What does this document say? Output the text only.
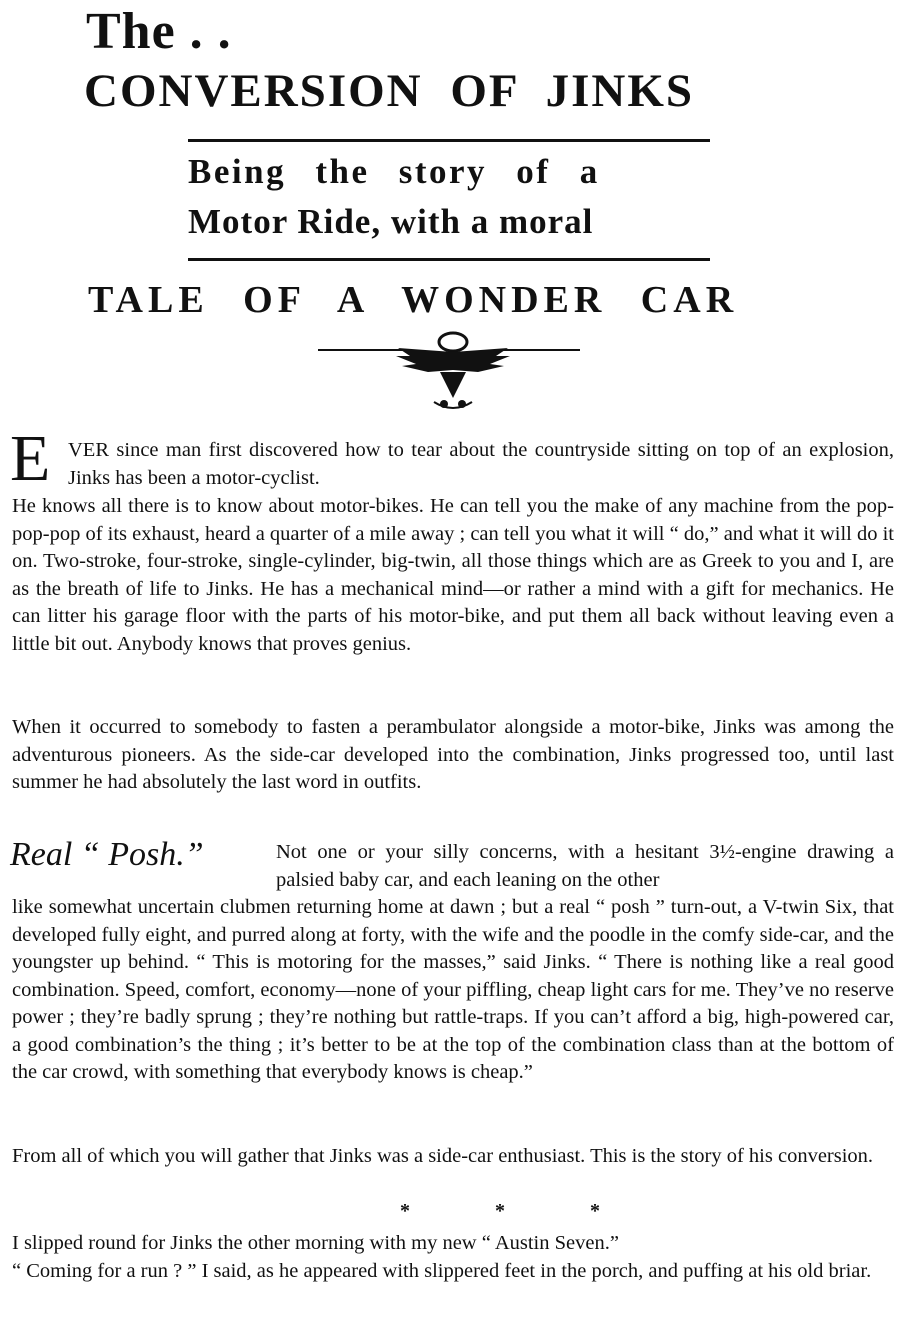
The . .
CONVERSION OF JINKS
Being the story of a
Motor Ride, with a moral
TALE OF A WONDER CAR
E VER since man first discovered how to tear about the countryside sitting on top of an explosion, Jinks has been a motor-cyclist.
He knows all there is to know about motor-bikes. He can tell you the make of any machine from the pop-pop-pop of its exhaust, heard a quarter of a mile away ; can tell you what it will “ do,” and what it will do it on. Two-stroke, four-stroke, single-cylinder, big-twin, all those things which are as Greek to you and I, are as the breath of life to Jinks. He has a mechanical mind—or rather a mind with a gift for mechanics. He can litter his garage floor with the parts of his motor-bike, and put them all back without leaving even a little bit out. Anybody knows that proves genius.
When it occurred to somebody to fasten a perambulator alongside a motor-bike, Jinks was among the adventurous pioneers. As the side-car developed into the combination, Jinks progressed too, until last summer he had absolutely the last word in outfits.
Real “ Posh.”	Not one or your silly concerns, with a hesitant 3½-engine drawing a palsied baby car, and each leaning on the other
like somewhat uncertain clubmen returning home at dawn ; but a real “ posh ” turn-out, a V-twin Six, that developed fully eight, and purred along at forty, with the wife and the poodle in the comfy side-car, and the youngster up behind. “ This is motoring for the masses,” said Jinks. “ There is nothing like a real good combination. Speed, comfort, economy—none of your piffling, cheap light cars for me. They’ve no reserve power ; they’re badly sprung ; they’re nothing but rattle-traps. If you can’t afford a big, high-powered car, a good combination’s the thing ; it’s better to be at the top of the combination class than at the bottom of the car crowd, with something that everybody knows is cheap.”
From all of which you will gather that Jinks was a side-car enthusiast. This is the story of his conversion.
* * *
I slipped round for Jinks the other morning with my new “ Austin Seven.”
“ Coming for a run ? ” I said, as he appeared with slippered feet in the porch, and puffing at his old briar.
